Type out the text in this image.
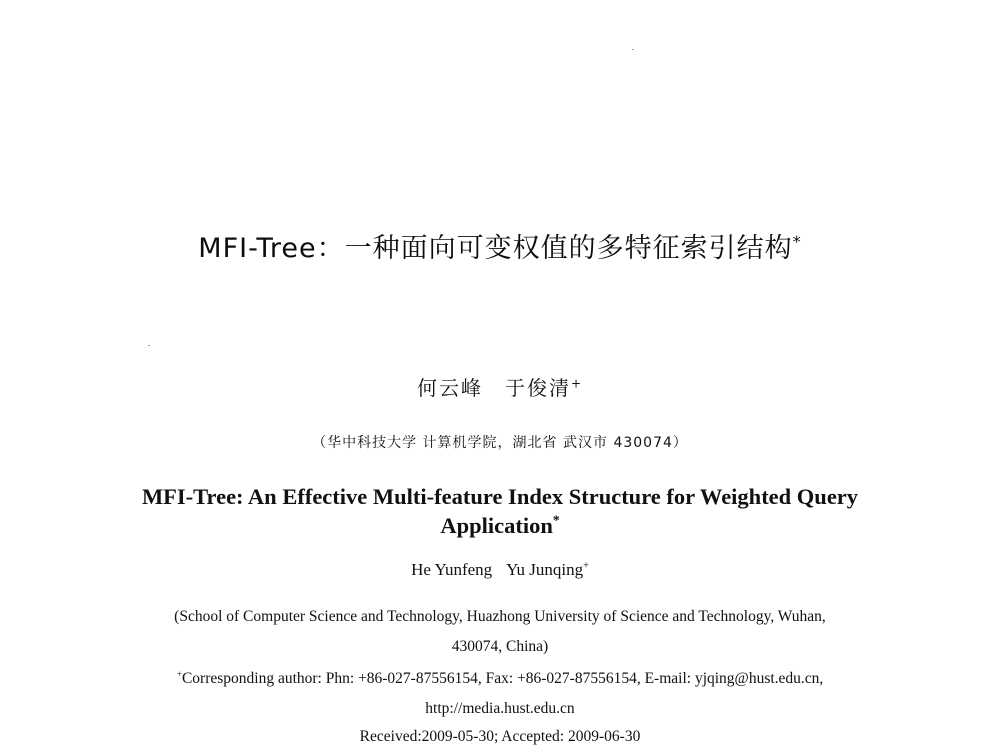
MFI-Tree：一种面向可变权值的多特征索引结构*
何云峰 于俊清+
（华中科技大学 计算机学院，湖北省 武汉市 430074）
MFI-Tree: An Effective Multi-feature Index Structure for Weighted Query
Application*
He Yunfeng Yu Junqing+
(School of Computer Science and Technology, Huazhong University of Science and Technology, Wuhan,
430074, China)
+Corresponding author: Phn: +86-027-87556154, Fax: +86-027-87556154, E-mail: yjqing@hust.edu.cn,
http://media.hust.edu.cn
Received:2009-05-30; Accepted: 2009-06-30
